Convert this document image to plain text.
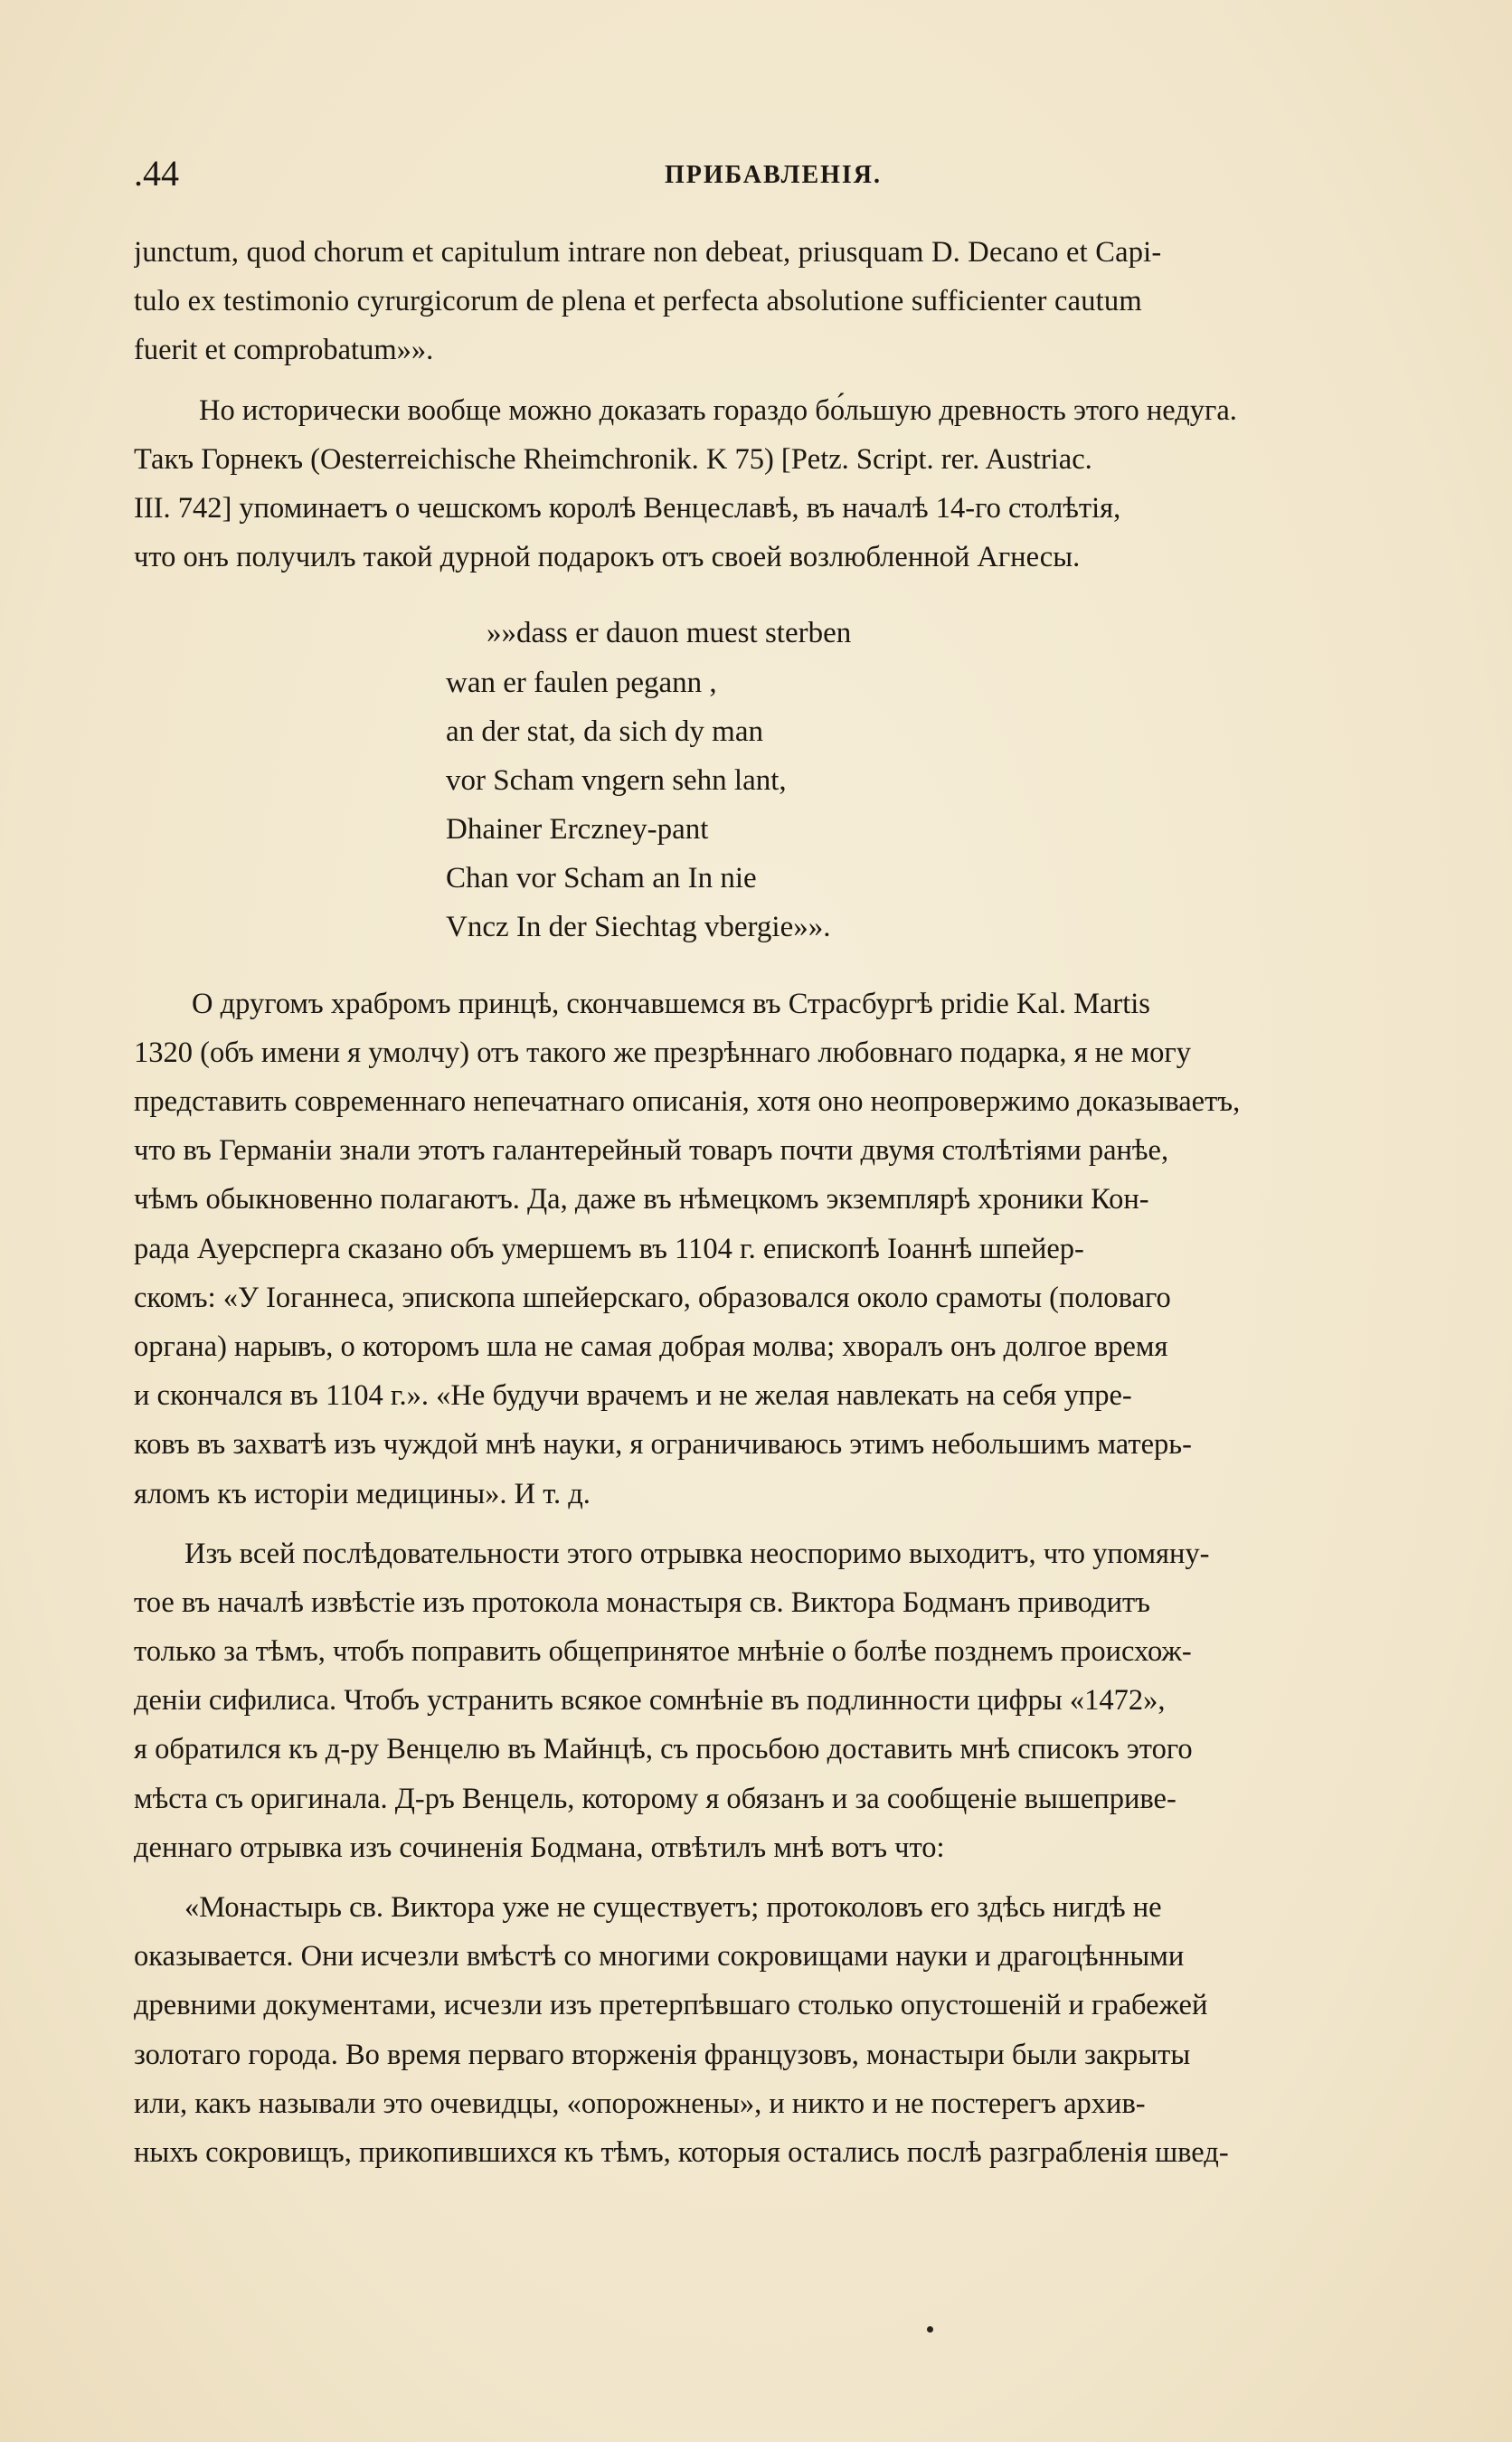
.44	ПРИБАВЛЕНІЯ.
junctum, quod chorum et capitulum intrare non debeat, priusquam D. Decano et Capi-
tulo ex testimonio cyrurgicorum de plena et perfecta absolutione sufficienter cautum
fuerit et comprobatum»».
Но исторически вообще можно доказать гораздо бо́льшую древность этого недуга.
Такъ Горнекъ (Oesterreichische Rheimchronik. K 75) [Petz. Script. rer. Austriac.
III. 742] упоминаетъ о чешскомъ королѣ Венцеславѣ, въ началѣ 14-го столѣтія,
что онъ получилъ такой дурной подарокъ отъ своей возлюбленной Агнесы.
»»dass er dauon muest sterben
wan er faulen pegann ,
an der stat, da sich dy man
vor Scham vngern sehn lant,
Dhainer Erczney-pant
Chan vor Scham an In nie
Vncz In der Siechtag vbergie»».
О другомъ храбромъ принцѣ, скончавшемся въ Страсбургѣ pridie Kal. Martis
1320 (объ имени я умолчу) отъ такого же презрѣннаго любовнаго подарка, я не могу
представить современнаго непечатнаго описанія, хотя оно неопровержимо доказываетъ,
что въ Германіи знали этотъ галантерейный товаръ почти двумя столѣтіями ранѣе,
чѣмъ обыкновенно полагаютъ. Да, даже въ нѣмецкомъ экземплярѣ хроники Кон-
рада Ауерсперга сказано объ умершемъ въ 1104 г. епископѣ Іоаннѣ шпейер-
скомъ: «У Іоганнеса, эпископа шпейерскаго, образовался около срамоты (половаго
органа) нарывъ, о которомъ шла не самая добрая молва; хворалъ онъ долгое время
и скончался въ 1104 г.». «Не будучи врачемъ и не желая навлекать на себя упре-
ковъ въ захватѣ изъ чуждой мнѣ науки, я ограничиваюсь этимъ небольшимъ матерь-
яломъ къ исторіи медицины». И т. д.
Изъ всей послѣдовательности этого отрывка неоспоримо выходитъ, что упомяну-
тое въ началѣ извѣстіе изъ протокола монастыря св. Виктора Бодманъ приводитъ
только за тѣмъ, чтобъ поправить общепринятое мнѣніе о болѣе позднемъ происхож-
деніи сифилиса. Чтобъ устранить всякое сомнѣніе въ подлинности цифры «1472»,
я обратился къ д-ру Венцелю въ Майнцѣ, съ просьбою доставить мнѣ списокъ этого
мѣста съ оригинала. Д-ръ Венцель, которому я обязанъ и за сообщеніе вышеприве-
деннаго отрывка изъ сочиненія Бодмана, отвѣтилъ мнѣ вотъ что:
«Монастырь св. Виктора уже не существуетъ; протоколовъ его здѣсь нигдѣ не
оказывается. Они исчезли вмѣстѣ со многими сокровищами науки и драгоцѣнными
древними документами, исчезли изъ претерпѣвшаго столько опустошеній и грабежей
золотаго города. Во время перваго вторженія французовъ, монастыри были закрыты
или, какъ называли это очевидцы, «опорожнены», и никто и не постерегъ архив-
ныхъ сокровищъ, прикопившихся къ тѣмъ, которыя остались послѣ разграбленія швед-
